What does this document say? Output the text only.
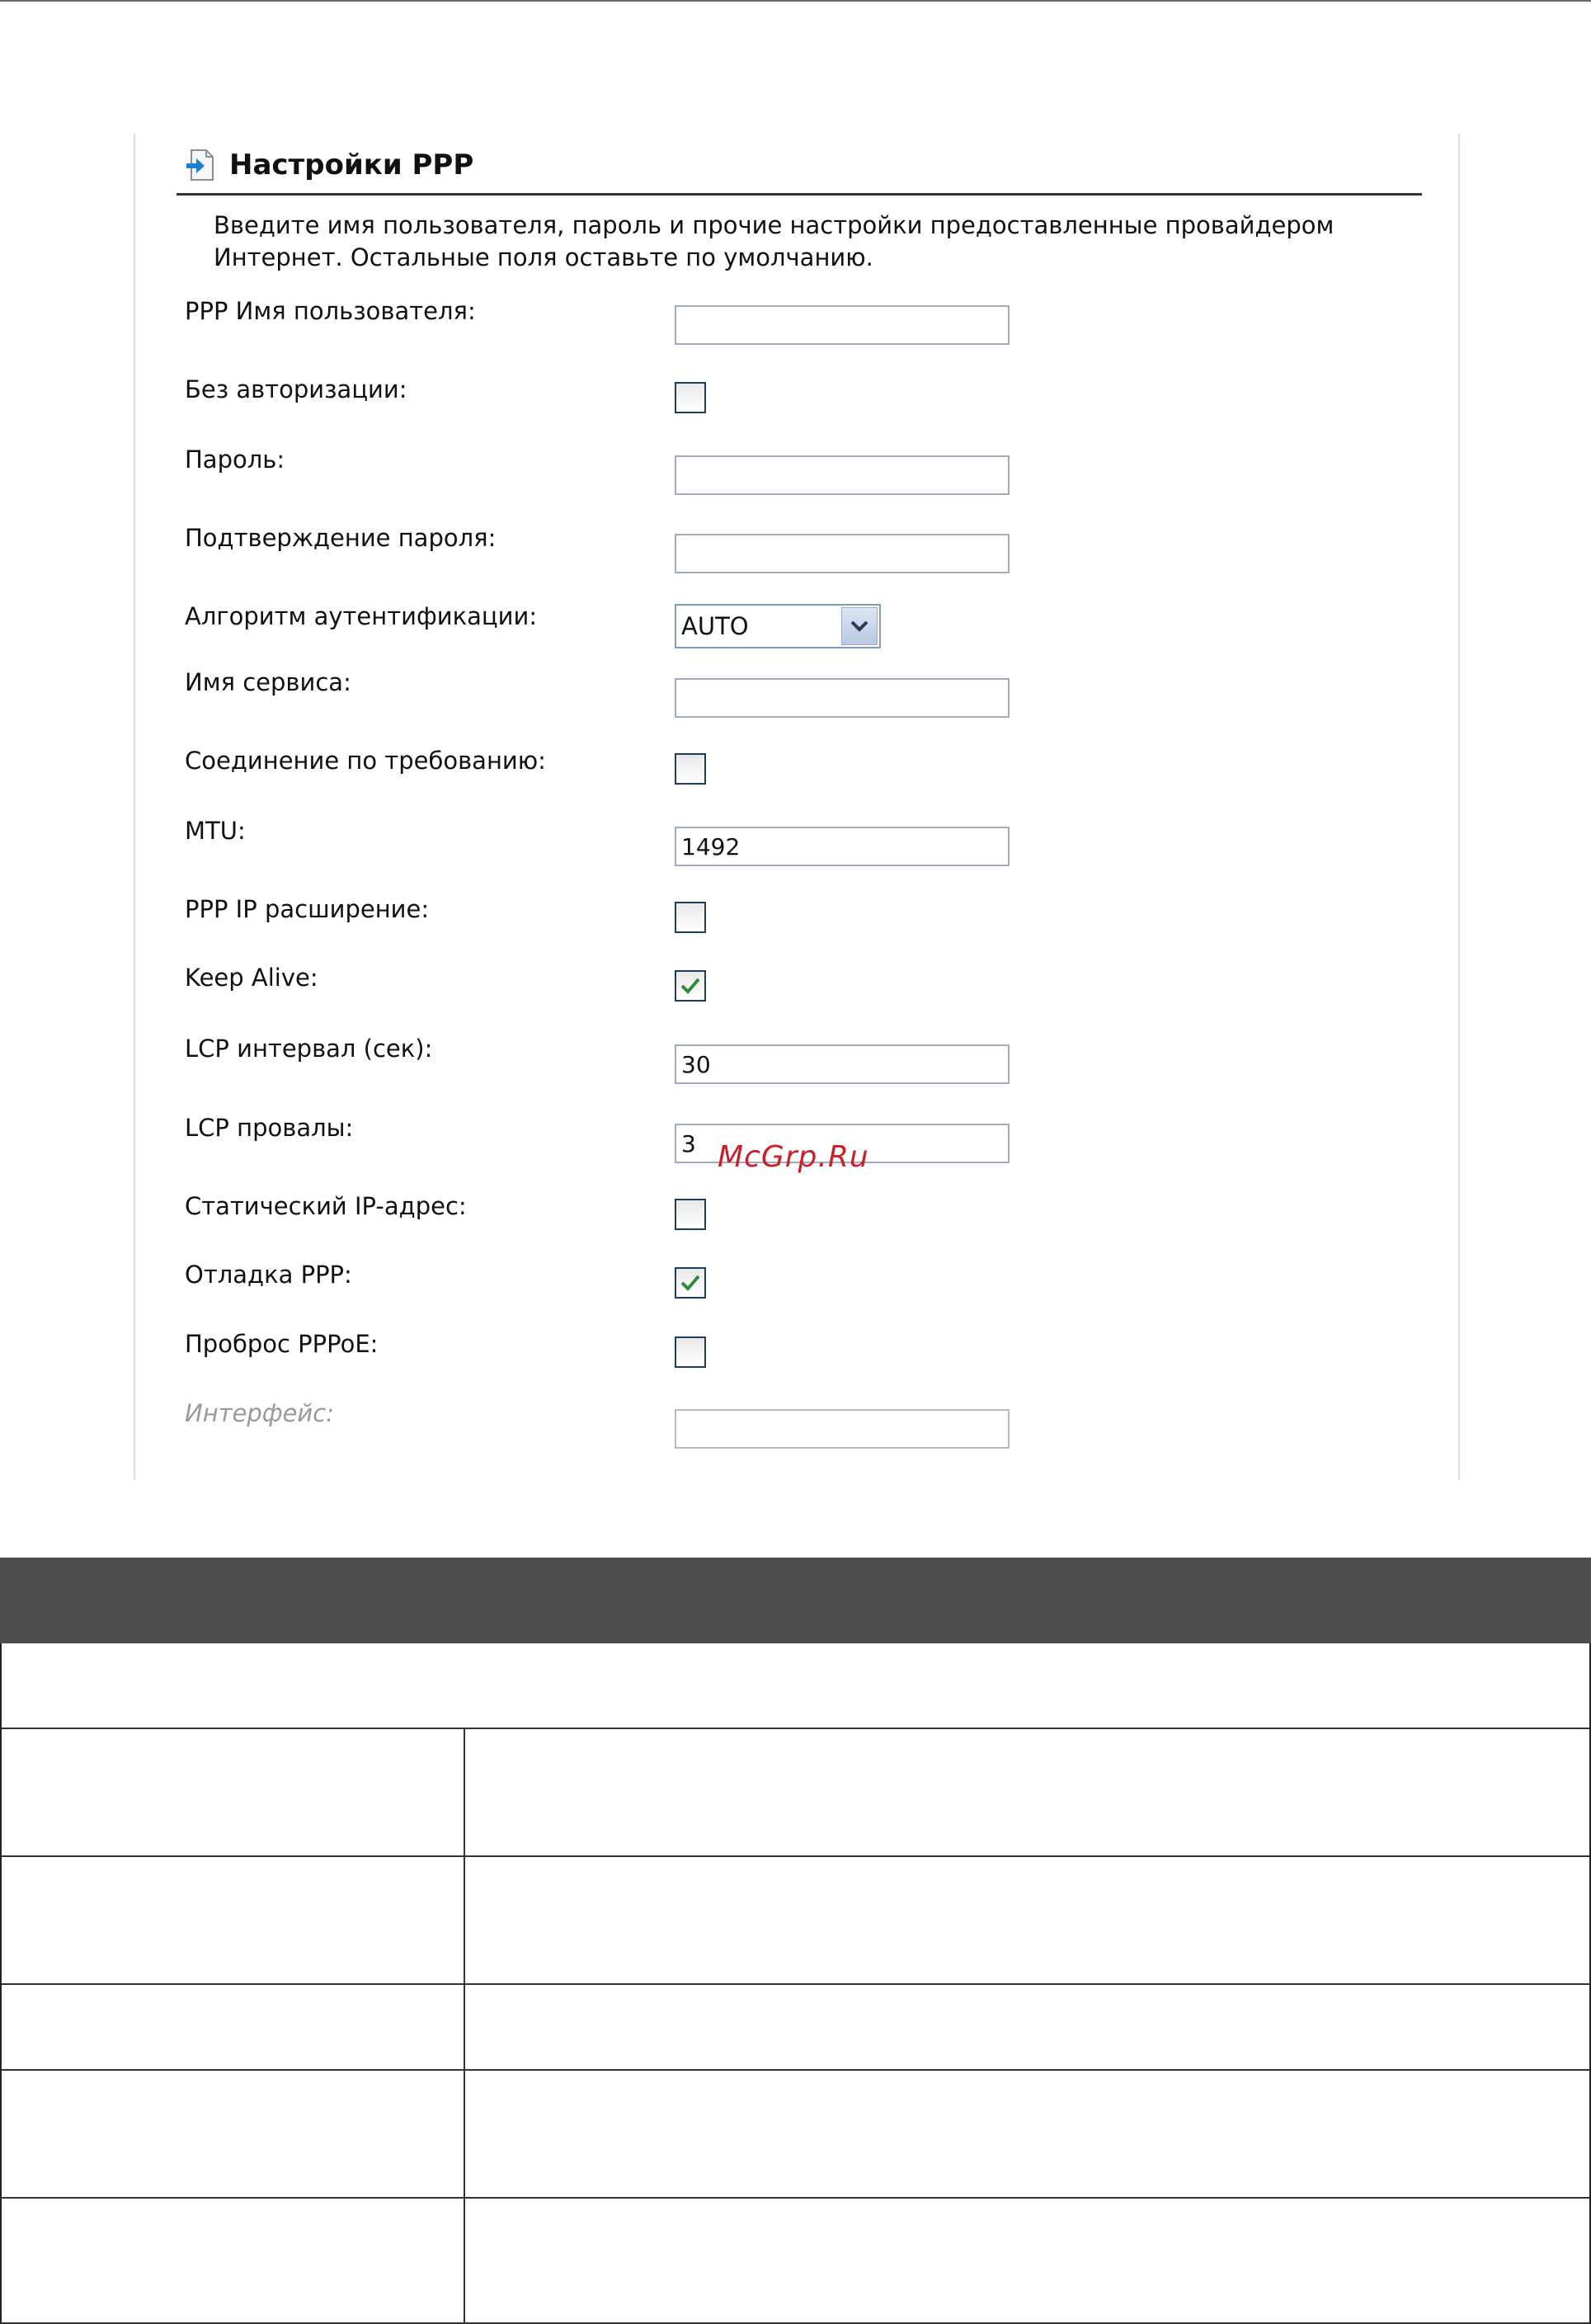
Настройки PPP
Введите имя пользователя, пароль и прочие настройки предоставленные провайдером Интернет. Остальные поля оставьте по умолчанию.
PPP Имя пользователя:
Без авторизации:
Пароль:
Подтверждение пароля:
Алгоритм аутентификации:	AUTO
Имя сервиса:
Соединение по требованию:
MTU:
1492
PPP IP расширение:
Keep Alive:
LCP интервал (сек):
30
LCP провалы:
3
Статический IP-адрес:
Отладка PPP:
Проброс PPPoE:
Интерфейс:
McGrp.Ru
